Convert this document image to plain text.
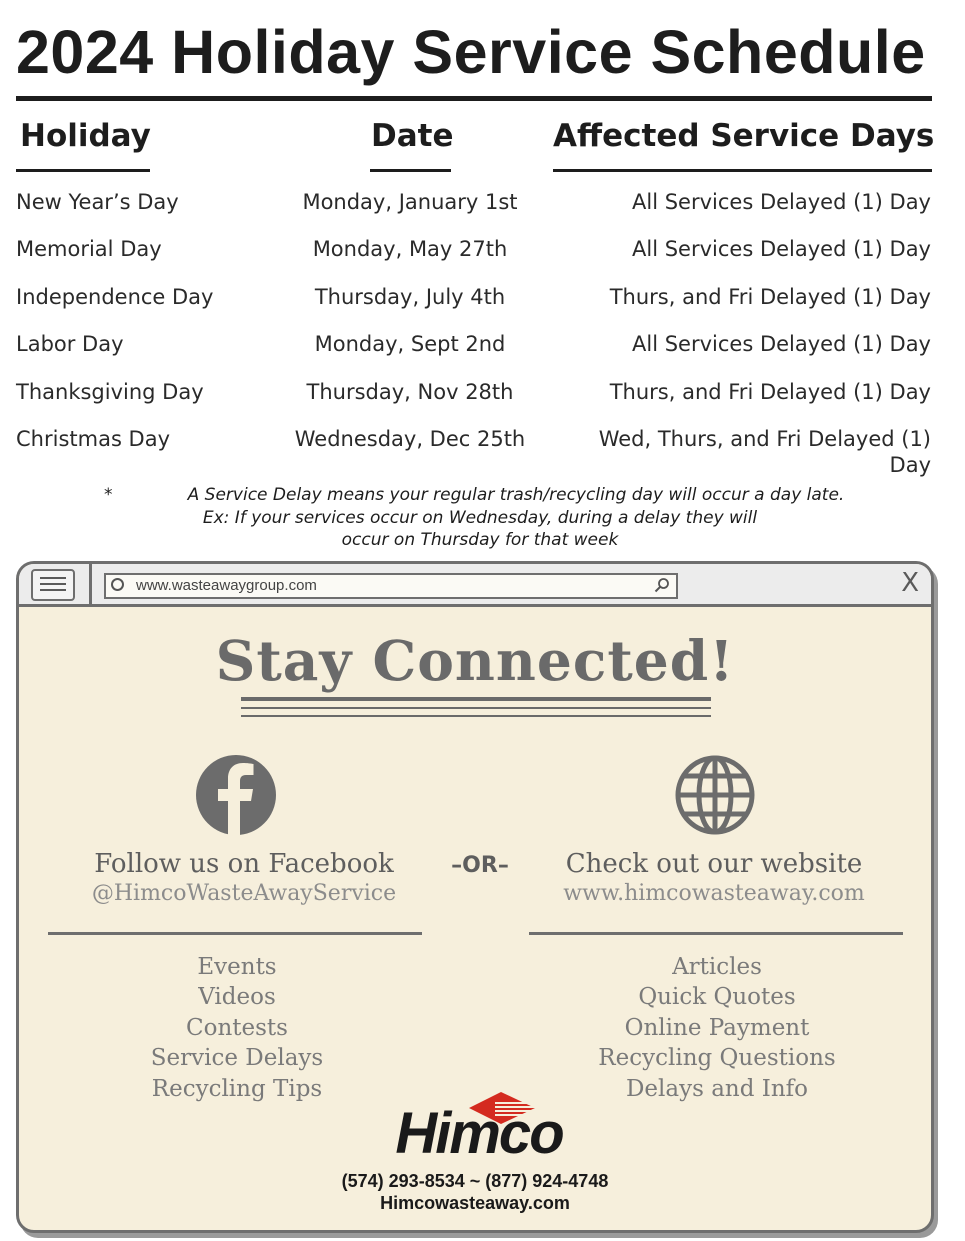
2024 Holiday Service Schedule
Holiday	Date	Affected Service Days
New Year’s Day	Monday, January 1st	All Services Delayed (1) Day
Memorial Day	Monday, May 27th	All Services Delayed (1) Day
Independence Day	Thursday, July 4th	Thurs, and Fri Delayed (1) Day
Labor Day	Monday, Sept 2nd	All Services Delayed (1) Day
Thanksgiving Day	Thursday, Nov 28th	Thurs, and Fri Delayed (1) Day
Christmas Day	Wednesday, Dec 25th	Wed, Thurs, and Fri Delayed (1)
Day
*	A Service Delay means your regular trash/recycling day will occur a day late.
Ex: If your services occur on Wednesday, during a delay they will
occur on Thursday for that week
www.wasteawaygroup.com	X
Stay Connected!
Follow us on Facebook
@HimcoWasteAwayService
–OR–	Check out our website
www.himcowasteaway.com
Events
Videos
Contests
Service Delays
Recycling Tips
Articles
Quick Quotes
Online Payment
Recycling Questions
Delays and Info
Himco
(574) 293-8534 ~ (877) 924-4748
Himcowasteaway.com
